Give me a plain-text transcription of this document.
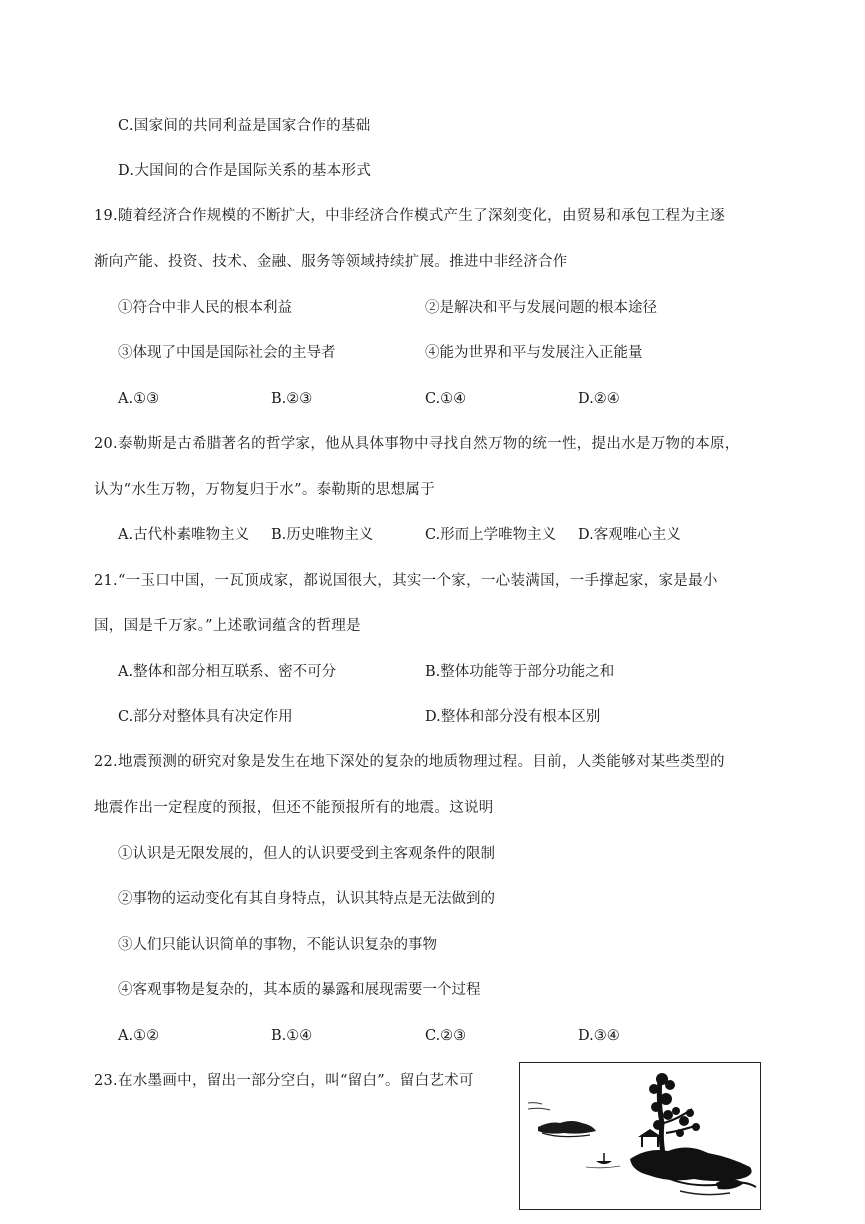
C.国家间的共同利益是国家合作的基础
D.大国间的合作是国际关系的基本形式
19.随着经济合作规模的不断扩大，中非经济合作模式产生了深刻变化，由贸易和承包工程为主逐
渐向产能、投资、技术、金融、服务等领域持续扩展。推进中非经济合作
①符合中非人民的根本利益	②是解决和平与发展问题的根本途径
③体现了中国是国际社会的主导者	④能为世界和平与发展注入正能量
A.①③	B.②③	C.①④	D.②④
20.泰勒斯是古希腊著名的哲学家，他从具体事物中寻找自然万物的统一性，提出水是万物的本原，
认为“水生万物，万物复归于水”。泰勒斯的思想属于
A.古代朴素唯物主义 B.历史唯物主义	C.形而上学唯物主义 D.客观唯心主义
21.“一玉口中国，一瓦顶成家，都说国很大，其实一个家，一心装满国，一手撑起家，家是最小
国，国是千万家。”上述歌词蕴含的哲理是
A.整体和部分相互联系、密不可分	B.整体功能等于部分功能之和
C.部分对整体具有决定作用	D.整体和部分没有根本区别
22.地震预测的研究对象是发生在地下深处的复杂的地质物理过程。目前，人类能够对某些类型的
地震作出一定程度的预报，但还不能预报所有的地震。这说明
①认识是无限发展的，但人的认识要受到主客观条件的限制
②事物的运动变化有其自身特点，认识其特点是无法做到的
③人们只能认识简单的事物，不能认识复杂的事物
④客观事物是复杂的，其本质的暴露和展现需要一个过程
A.①②	B.①④	C.②③	D.③④
23.在水墨画中，留出一部分空白，叫“留白”。留白艺术可
